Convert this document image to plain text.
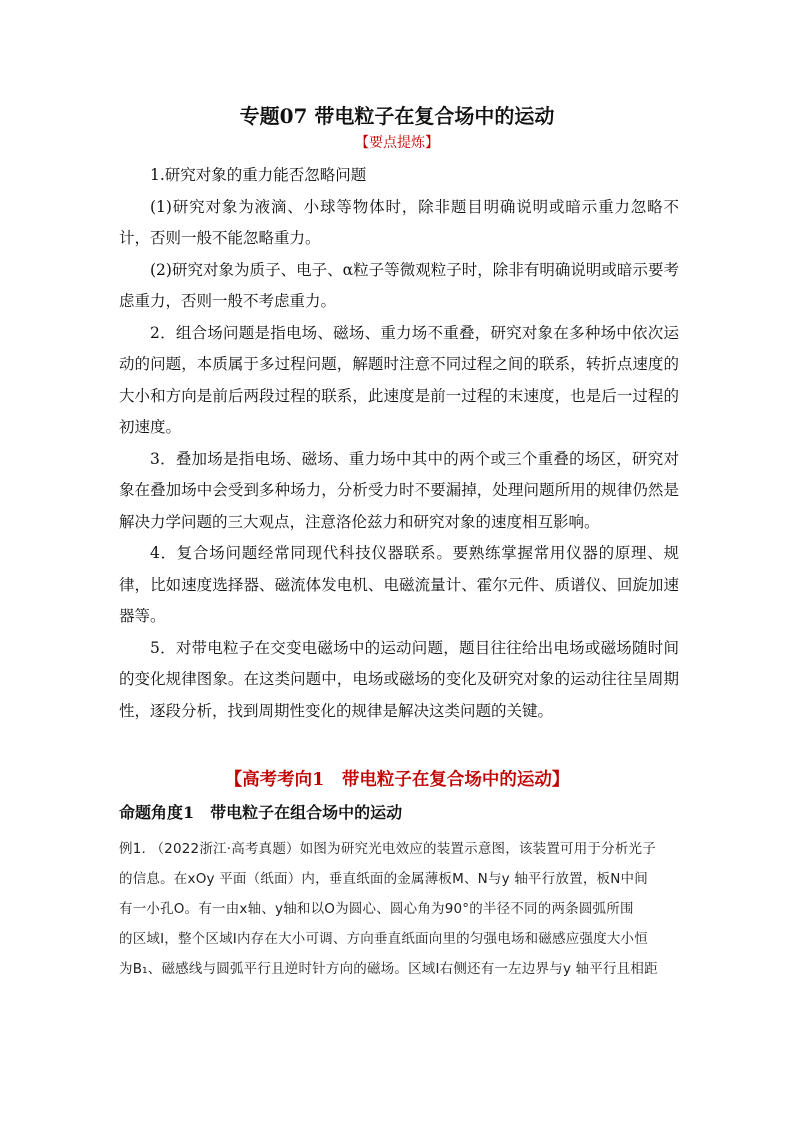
专题07 带电粒子在复合场中的运动
【要点提炼】

1.研究对象的重力能否忽略问题

(1)研究对象为液滴、小球等物体时，除非题目明确说明或暗示重力忽略不计，否则一般不能忽略重力。

(2)研究对象为质子、电子、α粒子等微观粒子时，除非有明确说明或暗示要考虑重力，否则一般不考虑重力。

2．组合场问题是指电场、磁场、重力场不重叠，研究对象在多种场中依次运动的问题，本质属于多过程问题，解题时注意不同过程之间的联系，转折点速度的大小和方向是前后两段过程的联系，此速度是前一过程的末速度，也是后一过程的初速度。

3．叠加场是指电场、磁场、重力场中其中的两个或三个重叠的场区，研究对象在叠加场中会受到多种场力，分析受力时不要漏掉，处理问题所用的规律仍然是解决力学问题的三大观点，注意洛伦兹力和研究对象的速度相互影响。

4．复合场问题经常同现代科技仪器联系。要熟练掌握常用仪器的原理、规律，比如速度选择器、磁流体发电机、电磁流量计、霍尔元件、质谱仪、回旋加速器等。

5．对带电粒子在交变电磁场中的运动问题，题目往往给出电场或磁场随时间的变化规律图象。在这类问题中，电场或磁场的变化及研究对象的运动往往呈周期性，逐段分析，找到周期性变化的规律是解决这类问题的关键。

【高考考向1　带电粒子在复合场中的运动】
命题角度1　带电粒子在组合场中的运动
例1. （2022浙江·高考真题）如图为研究光电效应的装置示意图，该装置可用于分析光子
的信息。在xOy 平面（纸面）内，垂直纸面的金属薄板M、N与y 轴平行放置，板N中间
有一小孔O。有一由x轴、y轴和以O为圆心、圆心角为90°的半径不同的两条圆弧所围
的区域Ⅰ，整个区域Ⅰ内存在大小可调、方向垂直纸面向里的匀强电场和磁感应强度大小恒
为B₁、磁感线与圆弧平行且逆时针方向的磁场。区域Ⅰ右侧还有一左边界与y 轴平行且相距
